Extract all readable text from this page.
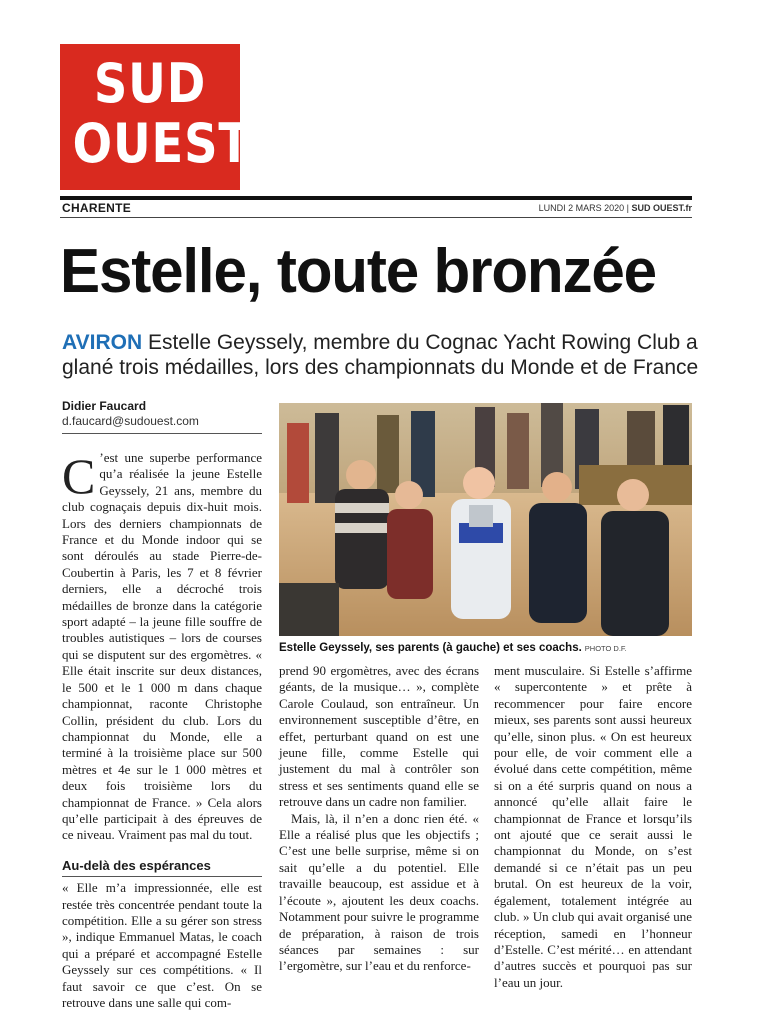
SUD
OUEST
CHARENTE	LUNDI 2 MARS 2020 | SUD OUEST.fr
Estelle, toute bronzée
AVIRON Estelle Geyssely, membre du Cognac Yacht Rowing Club a glané trois médailles, lors des championnats du Monde et de France
Didier Faucard
d.faucard@sudouest.com
Estelle Geyssely, ses parents (à gauche) et ses coachs. PHOTO D.F.

C ’est une superbe performance qu’a réalisée la jeune Estelle Geyssely, 21 ans, membre du club cognaçais depuis dix-huit mois. Lors des derniers championnats de France et du Monde indoor qui se sont déroulés au stade Pierre-de-Coubertin à Paris, les 7 et 8 février derniers, elle a décroché trois médailles de bronze dans la catégorie sport adapté – la jeune fille souffre de troubles autistiques – lors de courses qui se disputent sur des ergomètres. « Elle était inscrite sur deux distances, le 500 et le 1 000 m dans chaque championnat, raconte Christophe Collin, président du club. Lors du championnat du Monde, elle a terminé à la troisième place sur 500 mètres et 4e sur le 1 000 mètres et deux fois troisième lors du championnat de France. » Cela alors qu’elle participait à des épreuves de ce niveau. Vraiment pas mal du tout.

Au-delà des espérances

« Elle m’a impressionnée, elle est restée très concentrée pendant toute la compétition. Elle a su gérer son stress », indique Emmanuel Matas, le coach qui a préparé et accompagné Estelle Geyssely sur ces compétitions. « Il faut savoir ce que c’est. On se retrouve dans une salle qui com-

prend 90 ergomètres, avec des écrans géants, de la musique… », complète Carole Coulaud, son entraîneur. Un environnement susceptible d’être, en effet, perturbant quand on est une jeune fille, comme Estelle qui justement du mal à contrôler son stress et ses sentiments quand elle se retrouve dans un cadre non familier.

Mais, là, il n’en a donc rien été. « Elle a réalisé plus que les objectifs ; C’est une belle surprise, même si on sait qu’elle a du potentiel. Elle travaille beaucoup, est assidue et à l’écoute », ajoutent les deux coachs. Notamment pour suivre le programme de préparation, à raison de trois séances par semaines : sur l’ergomètre, sur l’eau et du renforce-

ment musculaire. Si Estelle s’affirme « supercontente » et prête à recommencer pour faire encore mieux, ses parents sont aussi heureux qu’elle, sinon plus. « On est heureux pour elle, de voir comment elle a évolué dans cette compétition, même si on a été surpris quand on nous a annoncé qu’elle allait faire le championnat de France et lorsqu’ils ont ajouté que ce serait aussi le championnat du Monde, on s’est demandé si ce n’était pas un peu brutal. On est heureux de la voir, également, totalement intégrée au club. » Un club qui avait organisé une réception, samedi en l’honneur d’Estelle. C’est mérité… en attendant d’autres succès et pourquoi pas sur l’eau un jour.
